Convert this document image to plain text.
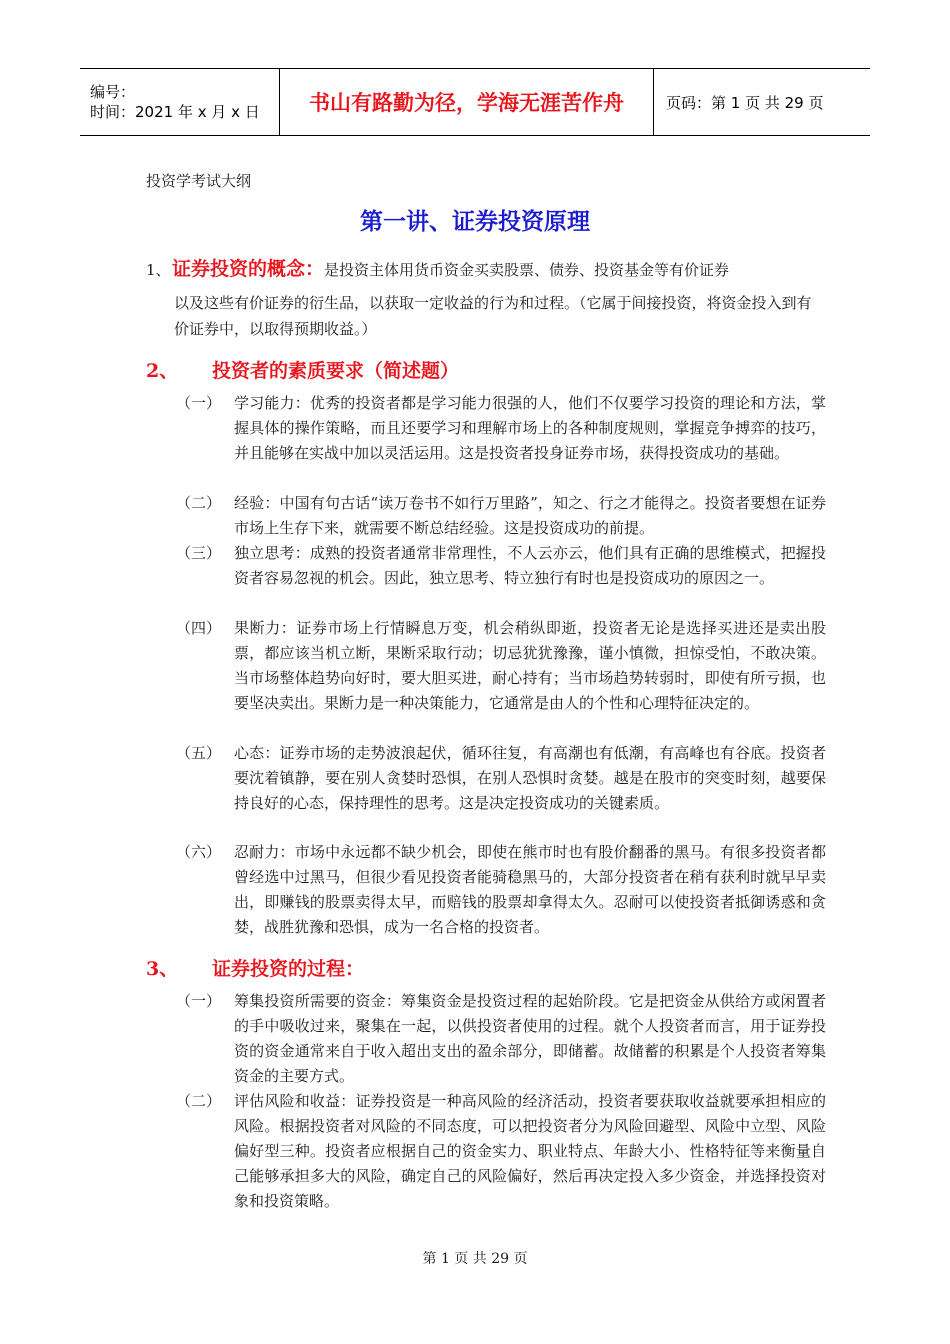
编号：
时间：2021 年 x 月 x 日	书山有路勤为径，学海无涯苦作舟	页码：第 1 页 共 29 页
投资学考试大纲
第一讲、证券投资原理
1、证券投资的概念：是投资主体用货币资金买卖股票、债券、投资基金等有价证券
以及这些有价证券的衍生品，以获取一定收益的行为和过程。（它属于间接投资，将资金投入到有价证券中，以取得预期收益。）
2、 投资者的素质要求（简述题）
（一） 学习能力：优秀的投资者都是学习能力很强的人，他们不仅要学习投资的理论和方法，掌握具体的操作策略，而且还要学习和理解市场上的各种制度规则，掌握竞争搏弈的技巧，并且能够在实战中加以灵活运用。这是投资者投身证券市场，获得投资成功的基础。
（二） 经验：中国有句古话“读万卷书不如行万里路”，知之、行之才能得之。投资者要想在证券市场上生存下来，就需要不断总结经验。这是投资成功的前提。
（三） 独立思考：成熟的投资者通常非常理性，不人云亦云，他们具有正确的思维模式，把握投资者容易忽视的机会。因此，独立思考、特立独行有时也是投资成功的原因之一。
（四） 果断力：证券市场上行情瞬息万变，机会稍纵即逝，投资者无论是选择买进还是卖出股票，都应该当机立断，果断采取行动；切忌犹犹豫豫，谨小慎微，担惊受怕，不敢决策。当市场整体趋势向好时，要大胆买进，耐心持有；当市场趋势转弱时，即使有所亏损，也要坚决卖出。果断力是一种决策能力，它通常是由人的个性和心理特征决定的。
（五） 心态：证券市场的走势波浪起伏，循环往复，有高潮也有低潮，有高峰也有谷底。投资者要沈着镇静，要在别人贪婪时恐惧，在别人恐惧时贪婪。越是在股市的突变时刻，越要保持良好的心态，保持理性的思考。这是决定投资成功的关键素质。
（六） 忍耐力：市场中永远都不缺少机会，即使在熊市时也有股价翻番的黑马。有很多投资者都曾经选中过黑马，但很少看见投资者能骑稳黑马的，大部分投资者在稍有获利时就早早卖出，即赚钱的股票卖得太早，而赔钱的股票却拿得太久。忍耐可以使投资者抵御诱惑和贪婪，战胜犹豫和恐惧，成为一名合格的投资者。
3、 证券投资的过程：
（一） 筹集投资所需要的资金：筹集资金是投资过程的起始阶段。它是把资金从供给方或闲置者的手中吸收过来，聚集在一起，以供投资者使用的过程。就个人投资者而言，用于证券投资的资金通常来自于收入超出支出的盈余部分，即储蓄。故储蓄的积累是个人投资者筹集资金的主要方式。
（二） 评估风险和收益：证券投资是一种高风险的经济活动，投资者要获取收益就要承担相应的风险。根据投资者对风险的不同态度，可以把投资者分为风险回避型、风险中立型、风险偏好型三种。投资者应根据自己的资金实力、职业特点、年龄大小、性格特征等来衡量自己能够承担多大的风险，确定自己的风险偏好，然后再决定投入多少资金，并选择投资对象和投资策略。
第 1 页 共 29 页
